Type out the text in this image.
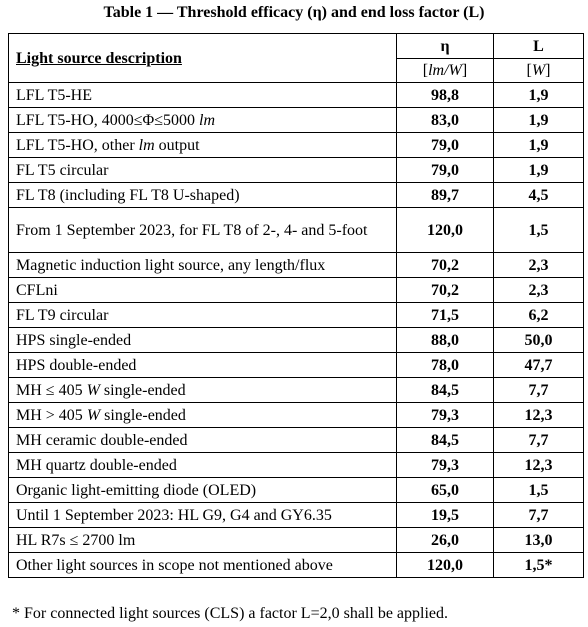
Table 1 — Threshold efficacy (η) and end loss factor (L)
Light source description	η	L
	[lm/W]	[W]
LFL T5-HE	98,8	1,9
LFL T5-HO, 4000≤Φ≤5000 lm	83,0	1,9
LFL T5-HO, other lm output	79,0	1,9
FL T5 circular	79,0	1,9
FL T8 (including FL T8 U-shaped)	89,7	4,5
From 1 September 2023, for FL T8 of 2-, 4- and 5-foot	120,0	1,5
Magnetic induction light source, any length/flux	70,2	2,3
CFLni	70,2	2,3
FL T9 circular	71,5	6,2
HPS single-ended	88,0	50,0
HPS double-ended	78,0	47,7
MH ≤ 405 W single-ended	84,5	7,7
MH > 405 W single-ended	79,3	12,3
MH ceramic double-ended	84,5	7,7
MH quartz double-ended	79,3	12,3
Organic light-emitting diode (OLED)	65,0	1,5
Until 1 September 2023: HL G9, G4 and GY6.35	19,5	7,7
HL R7s ≤ 2700 lm	26,0	13,0
Other light sources in scope not mentioned above	120,0	1,5*
* For connected light sources (CLS) a factor L=2,0 shall be applied.
